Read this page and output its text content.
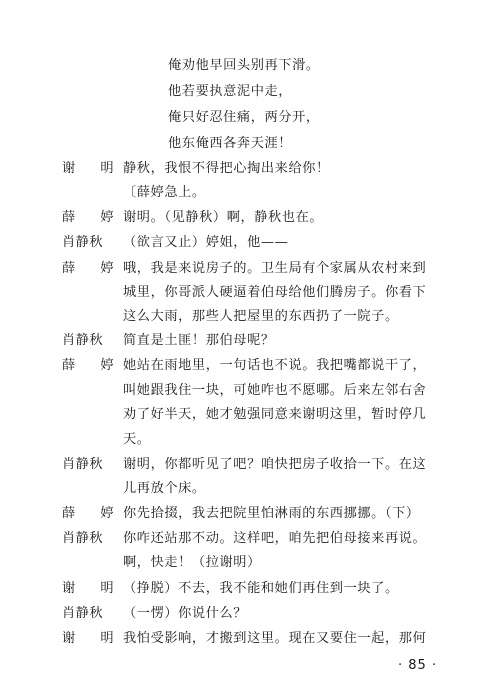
俺劝他早回头别再下滑。
他若要执意泥中走，
俺只好忍住痛，两分开，
他东俺西各奔天涯！
谢　明 静秋，我恨不得把心掏出来给你！
〔薛婷急上。
薛　婷 谢明。（见静秋）啊，静秋也在。
肖静秋 （欲言又止）婷姐，他——
薛　婷 哦，我是来说房子的。卫生局有个家属从农村来到
城里，你哥派人硬逼着伯母给他们腾房子。你看下
这么大雨，那些人把屋里的东西扔了一院子。
肖静秋 简直是土匪！那伯母呢？
薛　婷 她站在雨地里，一句话也不说。我把嘴都说干了，
叫她跟我住一块，可她咋也不愿哪。后来左邻右舍
劝了好半天，她才勉强同意来谢明这里，暂时停几
天。
肖静秋 谢明，你都听见了吧？咱快把房子收拾一下。在这
儿再放个床。
薛　婷 你先拾掇，我去把院里怕淋雨的东西挪挪。（下）
肖静秋 你咋还站那不动。这样吧，咱先把伯母接来再说。
啊，快走！（拉谢明）
谢　明 （挣脱）不去，我不能和她们再住到一块了。
肖静秋 （一愣）你说什么？
谢　明 我怕受影响，才搬到这里。现在又要住一起，那何
· 85 ·
